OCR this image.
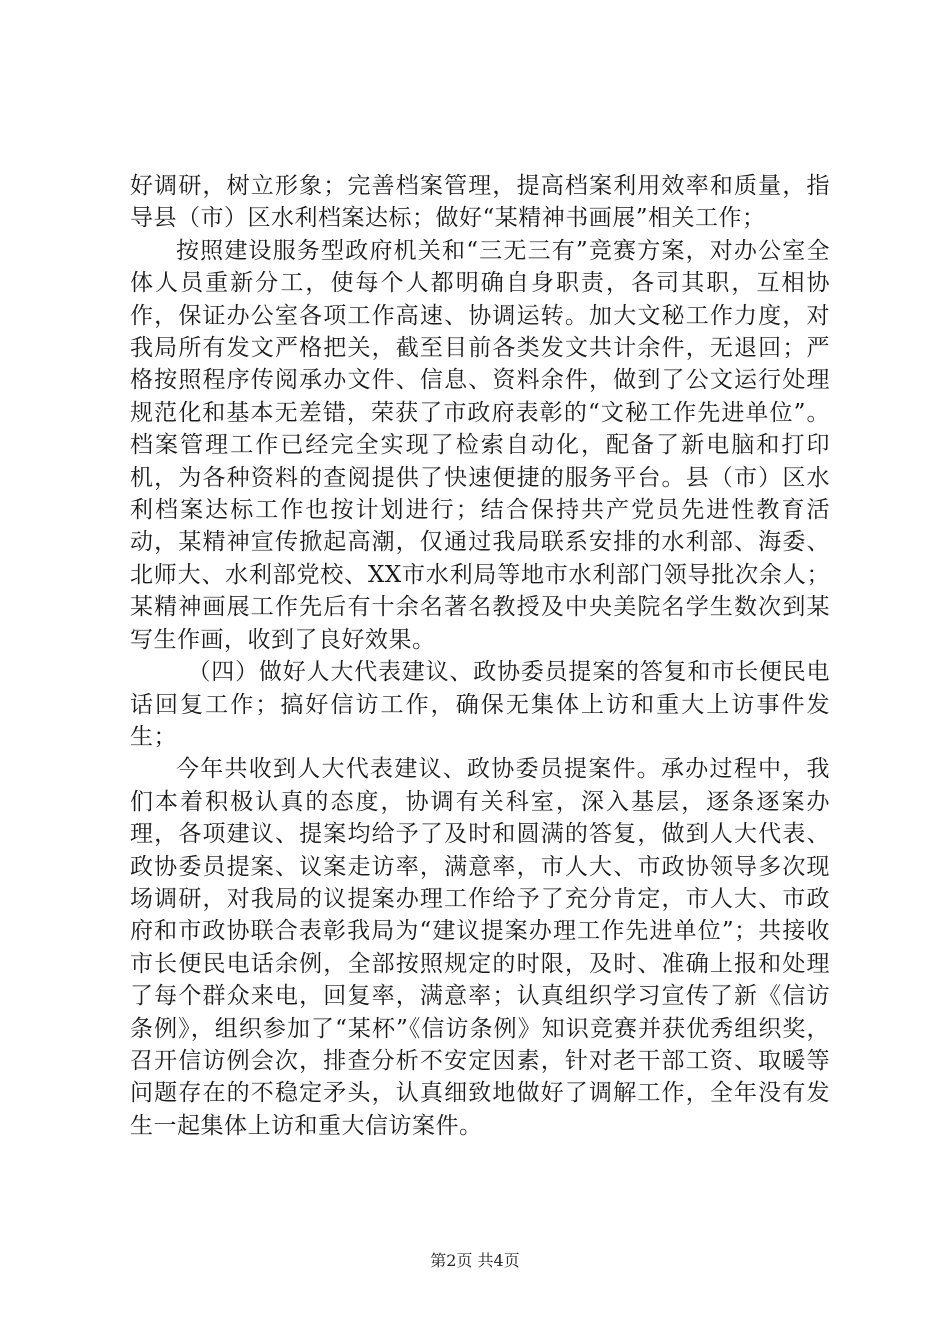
好调研，树立形象；完善档案管理，提高档案利用效率和质量，指导县（市）区水利档案达标；做好“某精神书画展”相关工作；

按照建设服务型政府机关和“三无三有”竞赛方案，对办公室全体人员重新分工，使每个人都明确自身职责，各司其职，互相协作，保证办公室各项工作高速、协调运转。加大文秘工作力度，对我局所有发文严格把关，截至目前各类发文共计余件，无退回；严格按照程序传阅承办文件、信息、资料余件，做到了公文运行处理规范化和基本无差错，荣获了市政府表彰的“文秘工作先进单位”。档案管理工作已经完全实现了检索自动化，配备了新电脑和打印机，为各种资料的查阅提供了快速便捷的服务平台。县（市）区水利档案达标工作也按计划进行；结合保持共产党员先进性教育活动，某精神宣传掀起高潮，仅通过我局联系安排的水利部、海委、北师大、水利部党校、XX市水利局等地市水利部门领导批次余人；某精神画展工作先后有十余名著名教授及中央美院名学生数次到某写生作画，收到了良好效果。

（四）做好人大代表建议、政协委员提案的答复和市长便民电话回复工作；搞好信访工作，确保无集体上访和重大上访事件发生；

今年共收到人大代表建议、政协委员提案件。承办过程中，我们本着积极认真的态度，协调有关科室，深入基层，逐条逐案办理，各项建议、提案均给予了及时和圆满的答复，做到人大代表、政协委员提案、议案走访率，满意率，市人大、市政协领导多次现场调研，对我局的议提案办理工作给予了充分肯定，市人大、市政府和市政协联合表彰我局为“建议提案办理工作先进单位”；共接收市长便民电话余例，全部按照规定的时限，及时、准确上报和处理了每个群众来电，回复率，满意率；认真组织学习宣传了新《信访条例》，组织参加了“某杯”《信访条例》知识竞赛并获优秀组织奖，召开信访例会次，排查分析不安定因素，针对老干部工资、取暖等问题存在的不稳定矛头，认真细致地做好了调解工作，全年没有发生一起集体上访和重大信访案件。

第2页 共4页
